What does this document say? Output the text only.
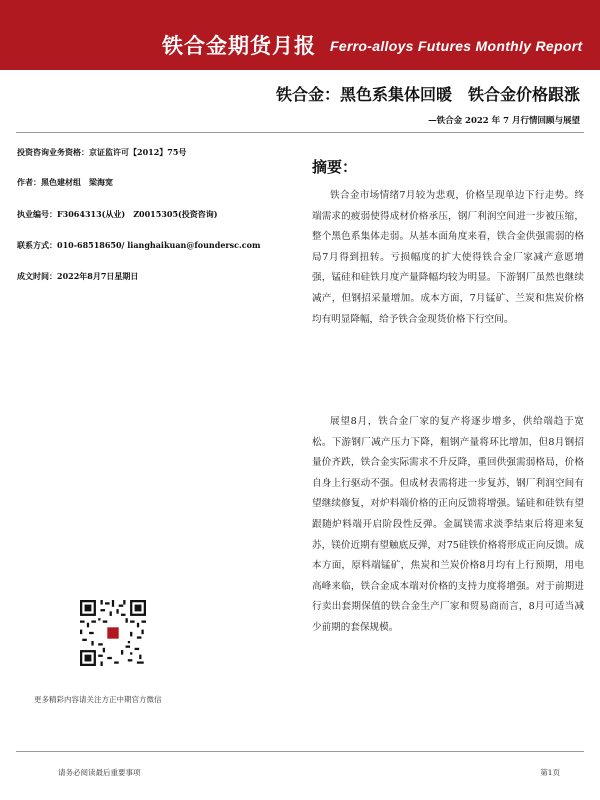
铁合金期货月报 Ferro-alloys Futures Monthly Report
铁合金：黑色系集体回暖 铁合金价格跟涨
—铁合金 2022 年 7 月行情回顾与展望
投资咨询业务资格：京证监许可【2012】75号
作者：黑色建材组　梁海宽
执业编号：F3064313(从业)　Z0015305(投资咨询)
联系方式：010-68518650/ lianghaikuan@foundersc.com
成文时间：2022年8月7日星期日
摘要：

铁合金市场情绪7月较为悲观，价格呈现单边下行走势。终端需求的疲弱使得成材价格承压，钢厂利润空间进一步被压缩，整个黑色系集体走弱。从基本面角度来看，铁合金供强需弱的格局7月得到扭转。亏损幅度的扩大使得铁合金厂家减产意愿增强，锰硅和硅铁月度产量降幅均较为明显。下游钢厂虽然也继续减产，但钢招采量增加。成本方面，7月锰矿、兰炭和焦炭价格均有明显降幅，给予铁合金现货价格下行空间。

展望8月，铁合金厂家的复产将逐步增多，供给端趋于宽松。下游钢厂减产压力下降，粗钢产量将环比增加，但8月钢招量价齐跌，铁合金实际需求不升反降，重回供强需弱格局，价格自身上行驱动不强。但成材表需将进一步复苏，钢厂利润空间有望继续修复，对炉料端价格的正向反馈将增强。锰硅和硅铁有望跟随炉料端开启阶段性反弹。金属镁需求淡季结束后将迎来复苏，镁价近期有望触底反弹，对75硅铁价格将形成正向反馈。成本方面，原料端锰矿，焦炭和兰炭价格8月均有上行预期，用电高峰来临，铁合金成本端对价格的支持力度将增强。对于前期进行卖出套期保值的铁合金生产厂家和贸易商而言，8月可适当减少前期的套保规模。

更多精彩内容请关注方正中期官方微信
请务必阅读最后重要事项	第1页
